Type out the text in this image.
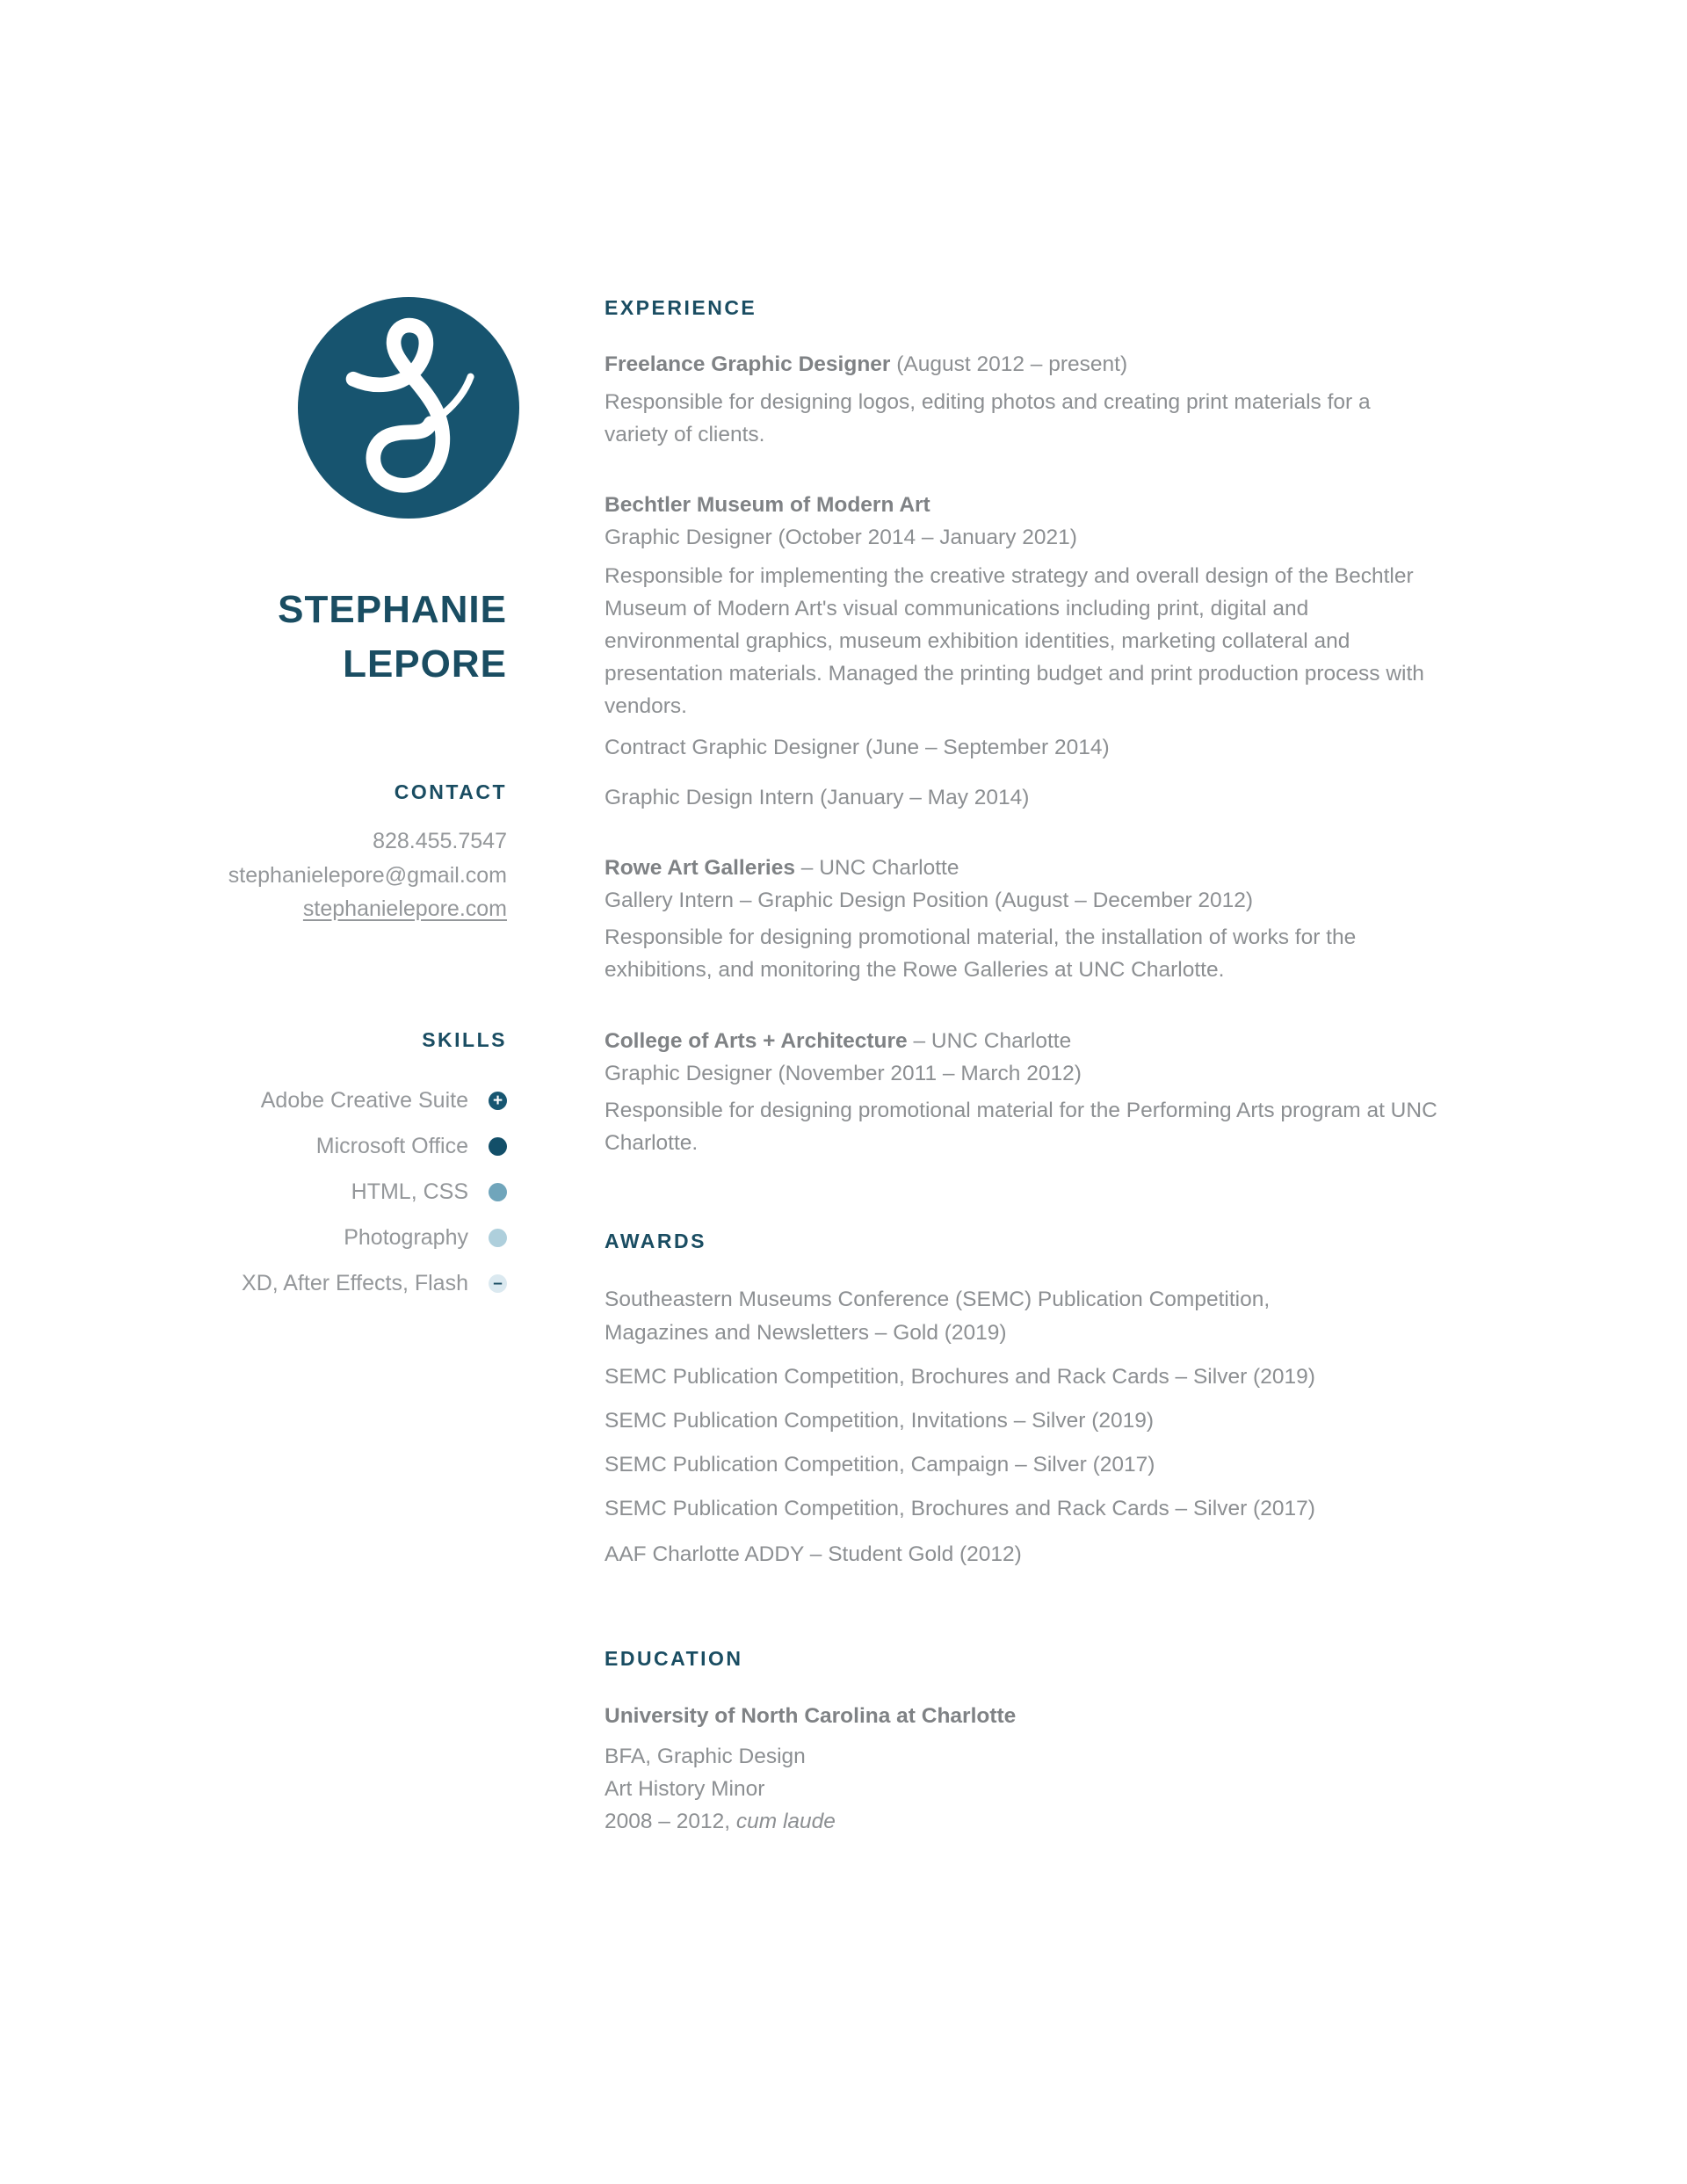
STEPHANIE
LEPORE
CONTACT
828.455.7547
stephanielepore@gmail.com
stephanielepore.com
SKILLS
Adobe Creative Suite +
Microsoft Office
HTML, CSS
Photography
XD, After Effects, Flash –
EXPERIENCE
Freelance Graphic Designer (August 2012 – present)

Responsible for designing logos, editing photos and creating print materials for a variety of clients.

Bechtler Museum of Modern Art
Graphic Designer (October 2014 – January 2021)

Responsible for implementing the creative strategy and overall design of the Bechtler Museum of Modern Art's visual communications including print, digital and environmental graphics, museum exhibition identities, marketing collateral and presentation materials. Managed the printing budget and print production process with vendors.

Contract Graphic Designer (June – September 2014)
Graphic Design Intern (January – May 2014)
Rowe Art Galleries – UNC Charlotte
Gallery Intern – Graphic Design Position (August – December 2012)

Responsible for designing promotional material, the installation of works for the exhibitions, and monitoring the Rowe Galleries at UNC Charlotte.

College of Arts + Architecture – UNC Charlotte
Graphic Designer (November 2011 – March 2012)

Responsible for designing promotional material for the Performing Arts program at UNC Charlotte.

AWARDS

Southeastern Museums Conference (SEMC) Publication Competition,
Magazines and Newsletters – Gold (2019)

SEMC Publication Competition, Brochures and Rack Cards – Silver (2019)

SEMC Publication Competition, Invitations – Silver (2019)

SEMC Publication Competition, Campaign – Silver (2017)

SEMC Publication Competition, Brochures and Rack Cards – Silver (2017)

AAF Charlotte ADDY – Student Gold (2012)

EDUCATION
University of North Carolina at Charlotte
BFA, Graphic Design
Art History Minor
2008 – 2012, cum laude
